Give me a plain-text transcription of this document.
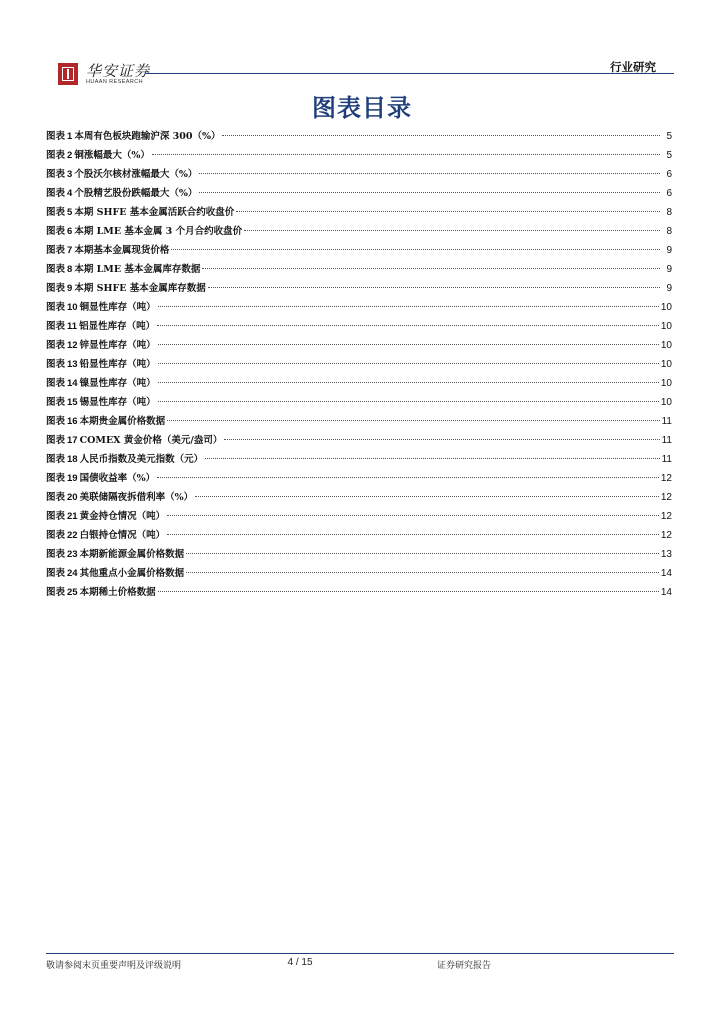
华安证券
HUAAN RESEARCH
行业研究
图表目录
图表 1 本周有色板块跑输沪深 300（%）	5
图表 2 铜涨幅最大（%）	5
图表 3 个股沃尔核材涨幅最大（%）	6
图表 4 个股精艺股份跌幅最大（%）	6
图表 5 本期 SHFE 基本金属活跃合约收盘价	8
图表 6 本期 LME 基本金属 3 个月合约收盘价	8
图表 7 本期基本金属现货价格	9
图表 8 本期 LME 基本金属库存数据	9
图表 9 本期 SHFE 基本金属库存数据	9
图表 10 铜显性库存（吨）	10
图表 11 铝显性库存（吨）	10
图表 12 锌显性库存（吨）	10
图表 13 铅显性库存（吨）	10
图表 14 镍显性库存（吨）	10
图表 15 锡显性库存（吨）	10
图表 16 本期贵金属价格数据	11
图表 17 COMEX 黄金价格（美元/盎司）	11
图表 18 人民币指数及美元指数（元）	11
图表 19 国债收益率（%）	12
图表 20 美联储隔夜拆借利率（%）	12
图表 21 黄金持仓情况（吨）	12
图表 22 白银持仓情况（吨）	12
图表 23 本期新能源金属价格数据	13
图表 24 其他重点小金属价格数据	14
图表 25 本期稀土价格数据	14
敬请参阅末页重要声明及评级说明	4 / 15	证券研究报告
